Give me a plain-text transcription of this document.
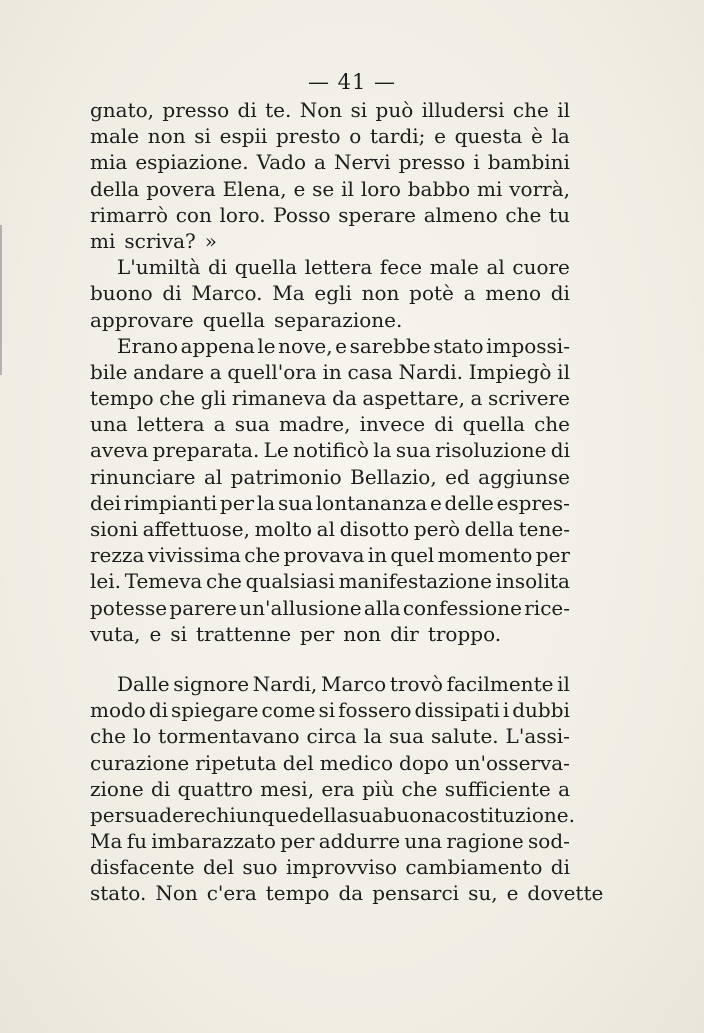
— 41 —
gnato, presso di te. Non si può illudersi che il
male non si espii presto o tardi; e questa è la
mia espiazione. Vado a Nervi presso i bambini
della povera Elena, e se il loro babbo mi vorrà,
rimarrò con loro. Posso sperare almeno che tu
mi scriva? »
L'umiltà di quella lettera fece male al cuore
buono di Marco. Ma egli non potè a meno di
approvare quella separazione.
Erano appena le nove, e sarebbe stato impossi-
bile andare a quell'ora in casa Nardi. Impiegò il
tempo che gli rimaneva da aspettare, a scrivere
una lettera a sua madre, invece di quella che
aveva preparata. Le notificò la sua risoluzione di
rinunciare al patrimonio Bellazio, ed aggiunse
dei rimpianti per la sua lontananza e delle espres-
sioni affettuose, molto al disotto però della tene-
rezza vivissima che provava in quel momento per
lei. Temeva che qualsiasi manifestazione insolita
potesse parere un'allusione alla confessione rice-
vuta, e si trattenne per non dir troppo.
Dalle signore Nardi, Marco trovò facilmente il
modo di spiegare come si fossero dissipati i dubbi
che lo tormentavano circa la sua salute. L'assi-
curazione ripetuta del medico dopo un'osserva-
zione di quattro mesi, era più che sufficiente a
persuadere chiunque della sua buona costituzione.
Ma fu imbarazzato per addurre una ragione sod-
disfacente del suo improvviso cambiamento di
stato. Non c'era tempo da pensarci su, e dovette
